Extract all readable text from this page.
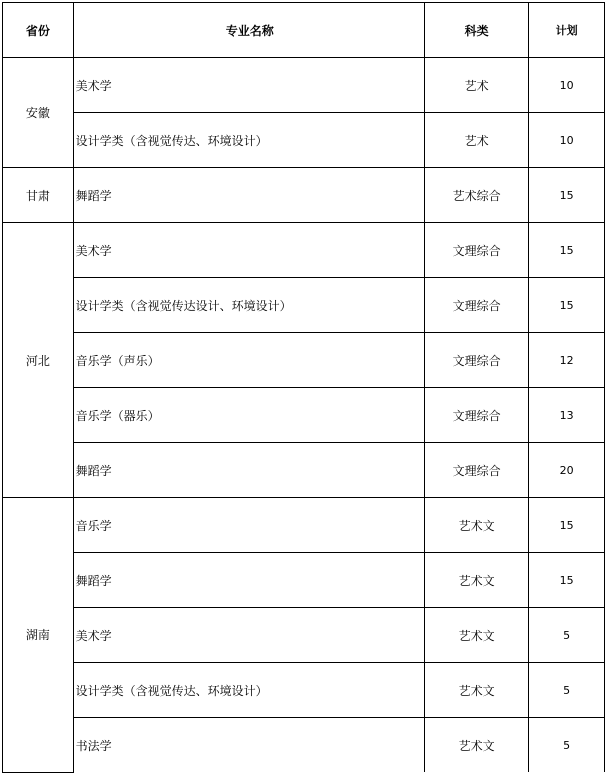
省份	专业名称	科类	计划
安徽	美术学	艺术	10
	设计学类（含视觉传达、环境设计）	艺术	10
甘肃	舞蹈学	艺术综合	15
河北	美术学	文理综合	15
	设计学类（含视觉传达设计、环境设计）	文理综合	15
	音乐学（声乐）	文理综合	12
	音乐学（器乐）	文理综合	13
	舞蹈学	文理综合	20
湖南	音乐学	艺术文	15
	舞蹈学	艺术文	15
	美术学	艺术文	5
	设计学类（含视觉传达、环境设计）	艺术文	5
	书法学	艺术文	5
